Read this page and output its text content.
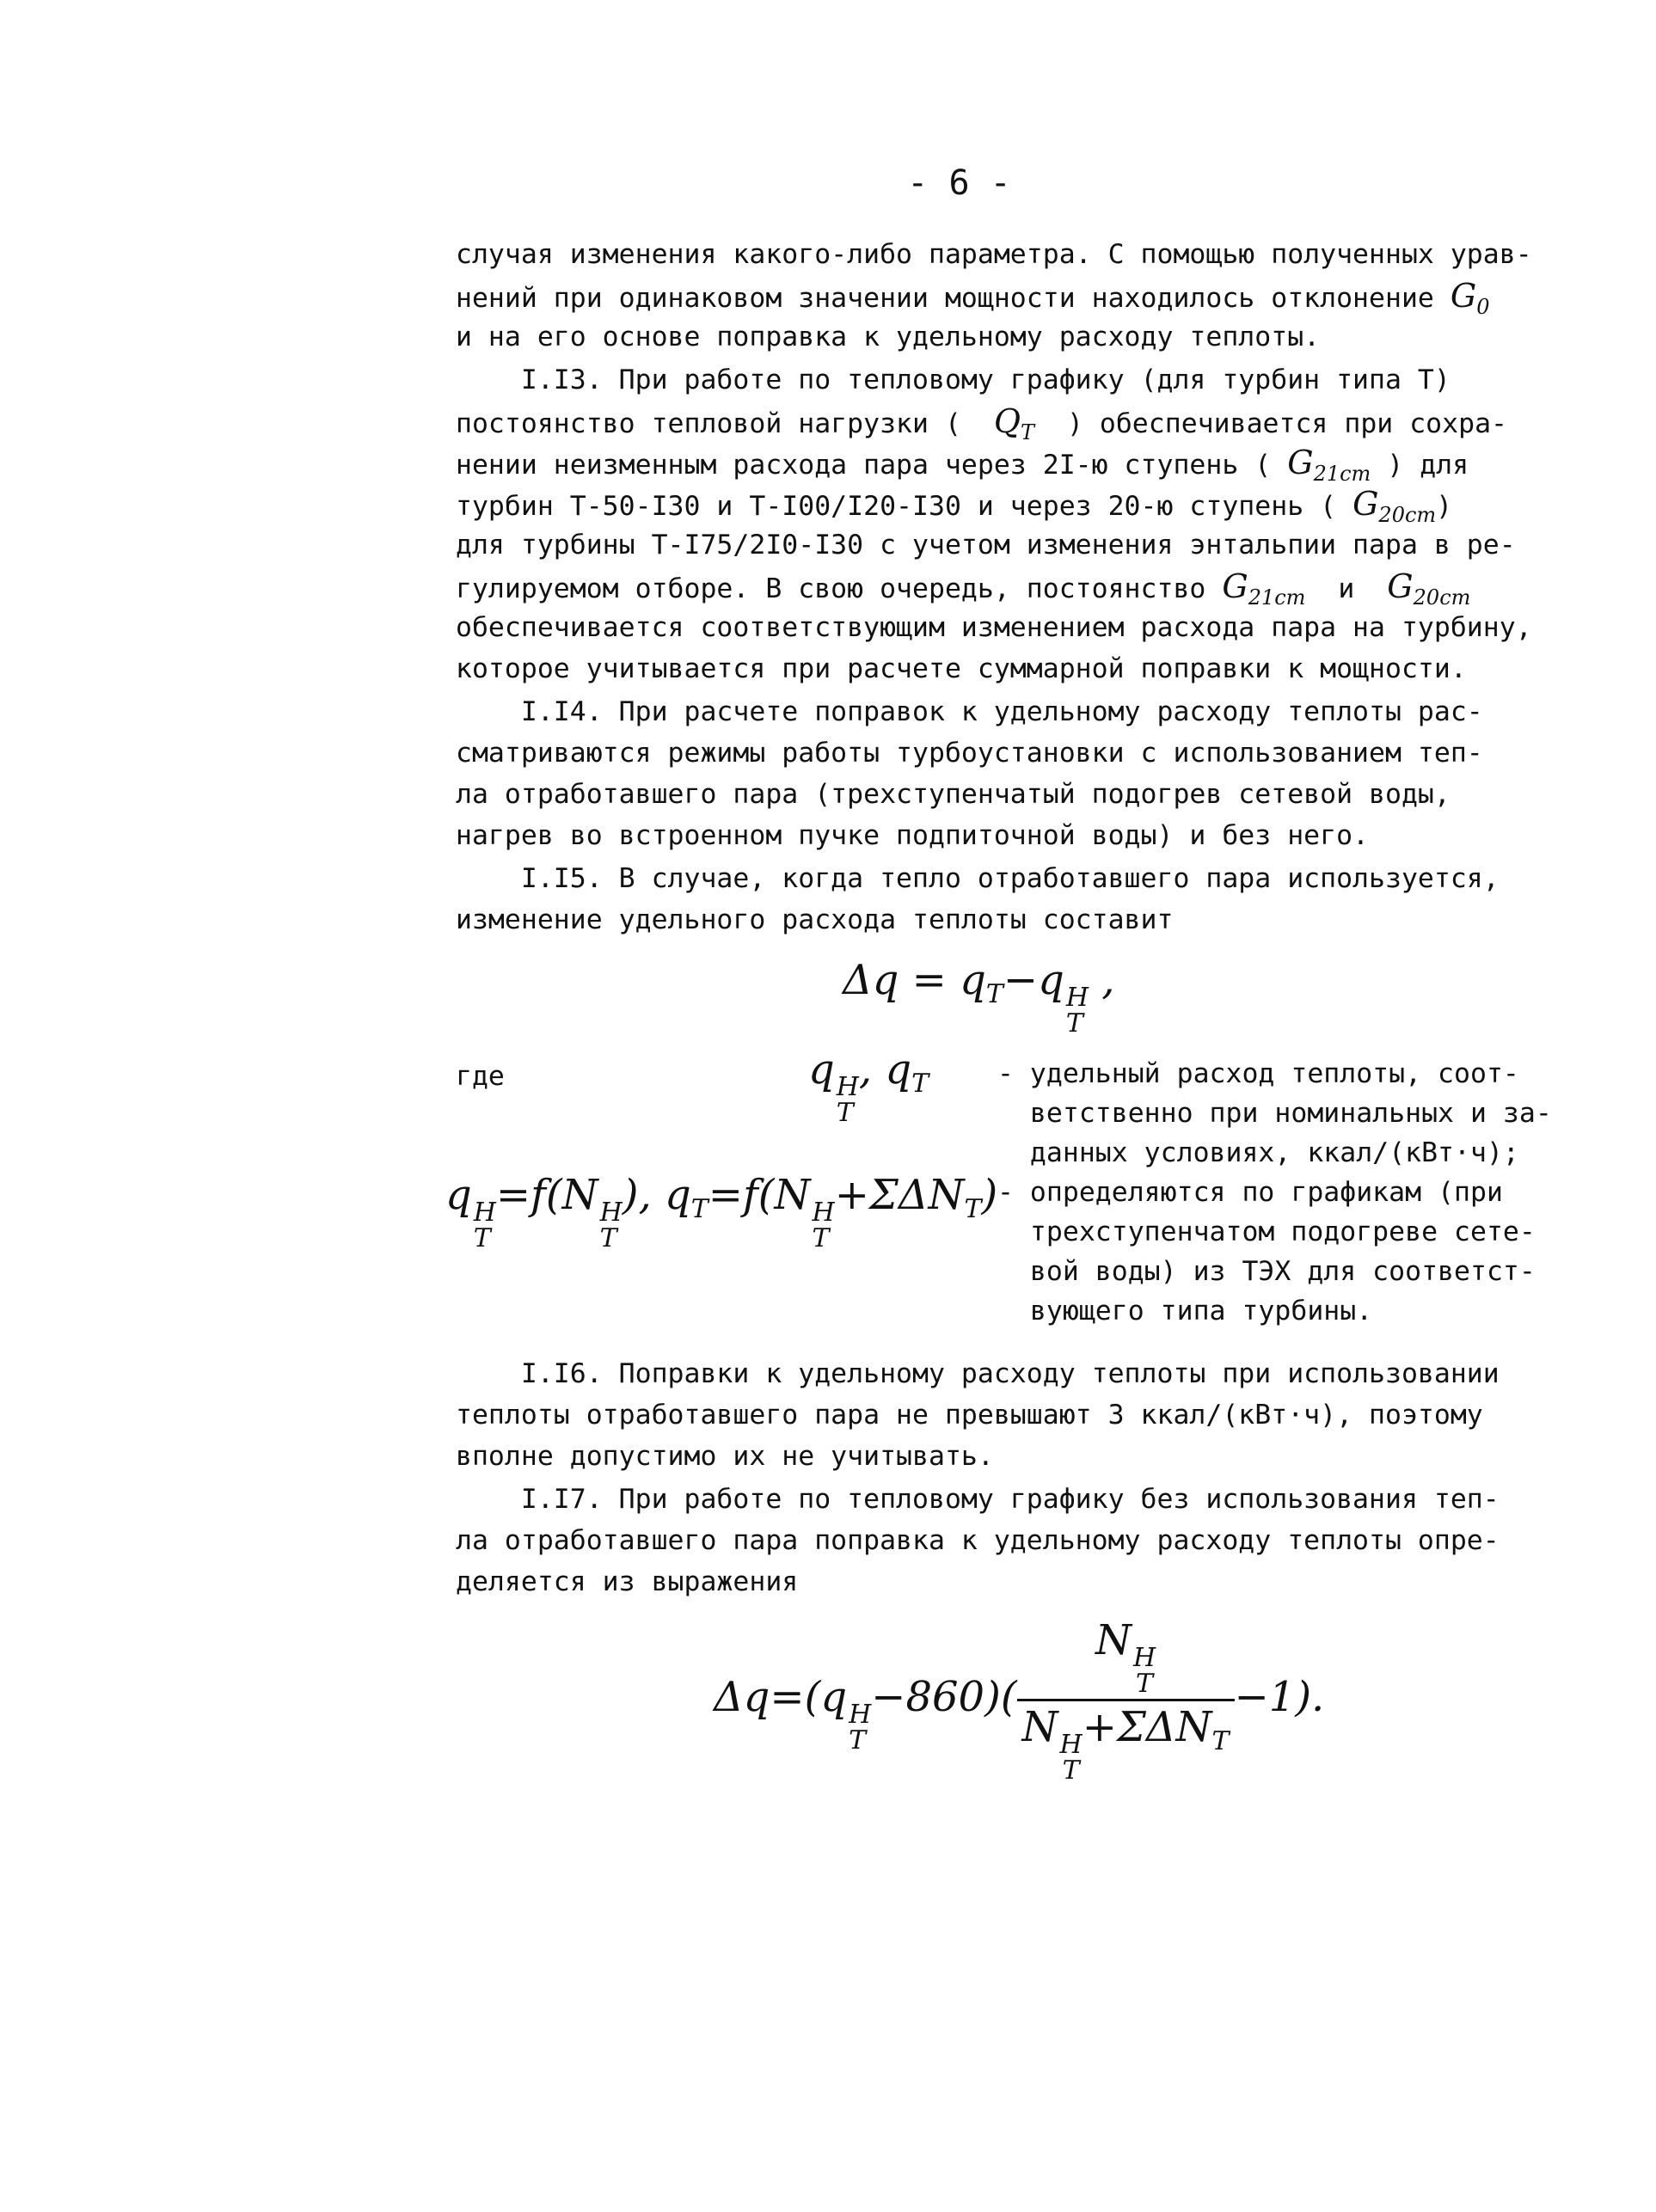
- 6 -
случая изменения какого-либо параметра. С помощью полученных урав-
нений при одинаковом значении мощности находилось отклонение $G_0$
и на его основе поправка к удельному расходу теплоты.
I.I3. При работе по тепловому графику (для турбин типа Т)
постоянство тепловой нагрузки ( $Q_T$ ) обеспечивается при сохра-
нении неизменным расхода пара через 2I-ю ступень ( $G_{21ст}$ ) для
турбин Т-50-I30 и Т-I00/I20-I30 и через 20-ю ступень ( $G_{20ст}$)
для турбины Т-I75/2I0-I30 с учетом изменения энтальпии пара в ре-
гулируемом отборе. В свою очередь, постоянство $G_{21ст}$ и $G_{20ст}$
обеспечивается соответствующим изменением расхода пара на турбину,
которое учитывается при расчете суммарной поправки к мощности.
I.I4. При расчете поправок к удельному расходу теплоты рас-
сматриваются режимы работы турбоустановки с использованием теп-
ла отработавшего пара (трехступенчатый подогрев сетевой воды,
нагрев во встроенном пучке подпиточной воды) и без него.
I.I5. В случае, когда тепло отработавшего пара используется,
изменение удельного расхода теплоты составит
$\Delta q = q_T-q$ Н
T
,
где	q Н
T
, $q_T$	- удельный расход теплоты, соот-
ветственно при номинальных и за-
данных условиях, ккал/(кВт·ч);
q Н
T
=f(N Н
T
), $q_T=f(N$ Н
T
$+\Sigma\Delta N_T$) - определяются по графикам (при
трехступенчатом подогреве сете-
вой воды) из ТЭХ для соответст-
вующего типа турбины.
I.I6. Поправки к удельному расходу теплоты при использовании
теплоты отработавшего пара не превышают 3 ккал/(кВт·ч), поэтому
вполне допустимо их не учитывать.
I.I7. При работе по тепловому графику без использования теп-
ла отработавшего пара поправка к удельному расходу теплоты опре-
деляется из выражения
Δq=(q Н
T
−860)( N Н
T
N Н
T
$+\Sigma\Delta N_T -1$).
